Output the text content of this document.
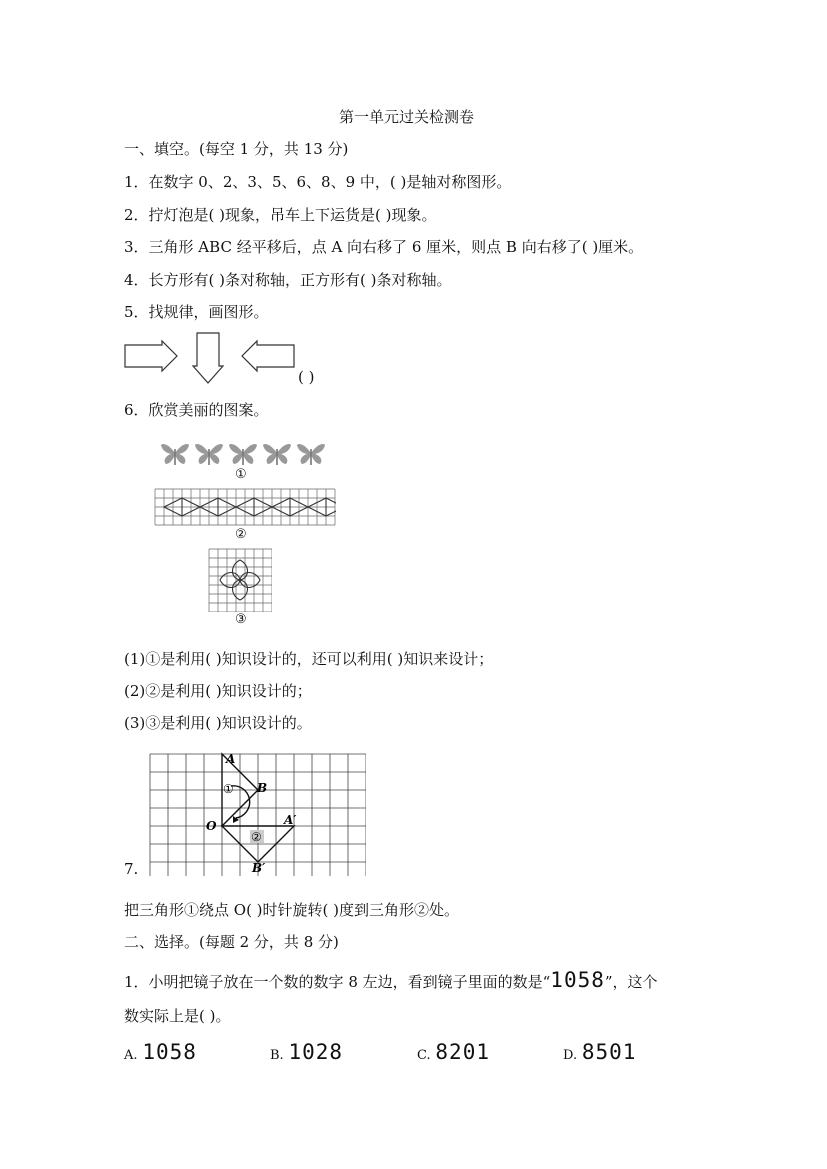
第一单元过关检测卷
一、填空。(每空 1 分，共 13 分)
1．在数字 0、2、3、5、6、8、9 中，( )是轴对称图形。
2．拧灯泡是( )现象，吊车上下运货是( )现象。
3．三角形 ABC 经平移后，点 A 向右移了 6 厘米，则点 B 向右移了( )厘米。
4．长方形有( )条对称轴，正方形有( )条对称轴。
5．找规律，画图形。
( )
6．欣赏美丽的图案。
①
②
③
(1)①是利用( )知识设计的，还可以利用( )知识来设计；
(2)②是利用( )知识设计的；
(3)③是利用( )知识设计的。
A
B
O	A′
B′
①
②
7.
把三角形①绕点 O( )时针旋转( )度到三角形②处。
二、选择。(每题 2 分，共 8 分)
1．小明把镜子放在一个数的数字 8 左边，看到镜子里面的数是“1058”，这个
数实际上是( )。
A. 1058	B. 1028	C. 8201	D. 8501
